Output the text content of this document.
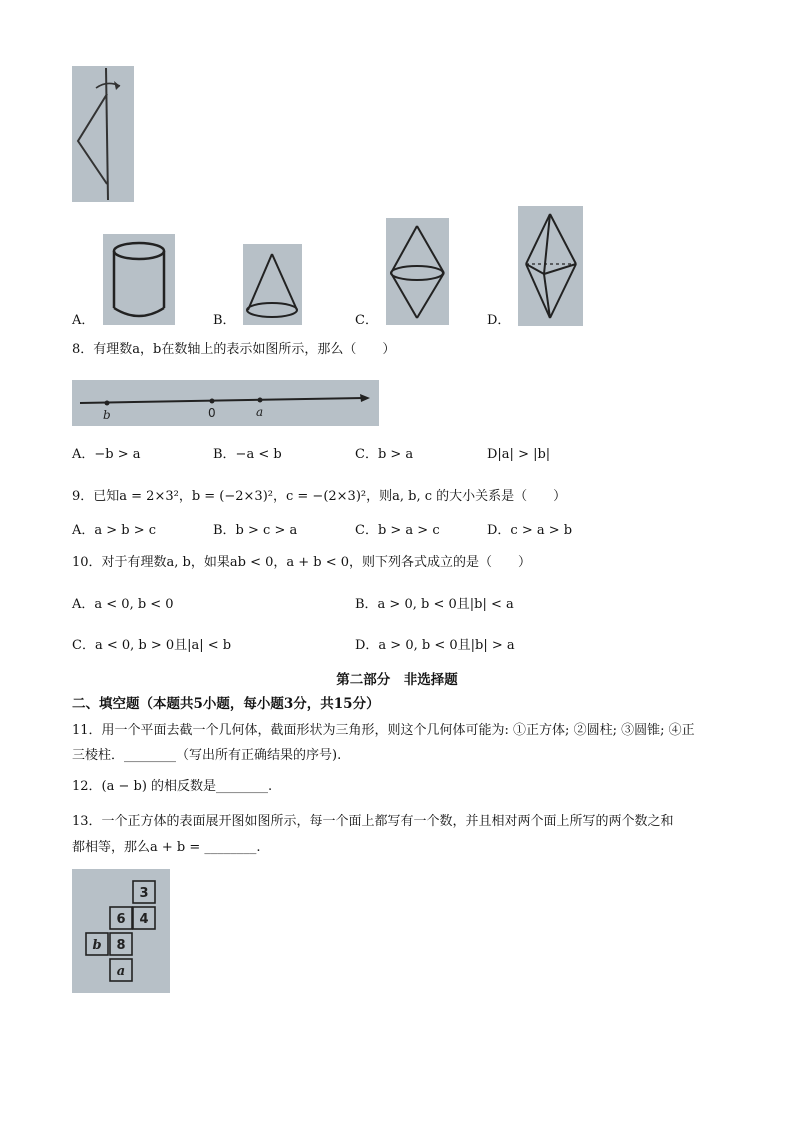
A．	B．	C．	D．
8．有理数a，b在数轴上的表示如图所示，那么（　　）
b	0	a
A．−b > a	B．−a < b	C．b > a	D|a| > |b|
9．已知a = 2×3²，b = (−2×3)²，c = −(2×3)²，则a, b, c 的大小关系是（　　）
A．a > b > c	B．b > c > a	C．b > a > c	D．c > a > b
10．对于有理数a, b，如果ab < 0，a + b < 0，则下列各式成立的是（　　）
A．a < 0, b < 0	B．a > 0, b < 0且|b| < a
C．a < 0, b > 0且|a| < b	D．a > 0, b < 0且|b| > a
第二部分　非选择题
二、填空题（本题共5小题，每小题3分，共15分）
11．用一个平面去截一个几何体，截面形状为三角形，则这个几何体可能为: ①正方体; ②圆柱; ③圆锥; ④正
三棱柱．________（写出所有正确结果的序号).
12．(a − b) 的相反数是________.
13．一个正方体的表面展开图如图所示，每一个面上都写有一个数，并且相对两个面上所写的两个数之和
都相等，那么a + b = ________.
3
6 4
8
b
a
